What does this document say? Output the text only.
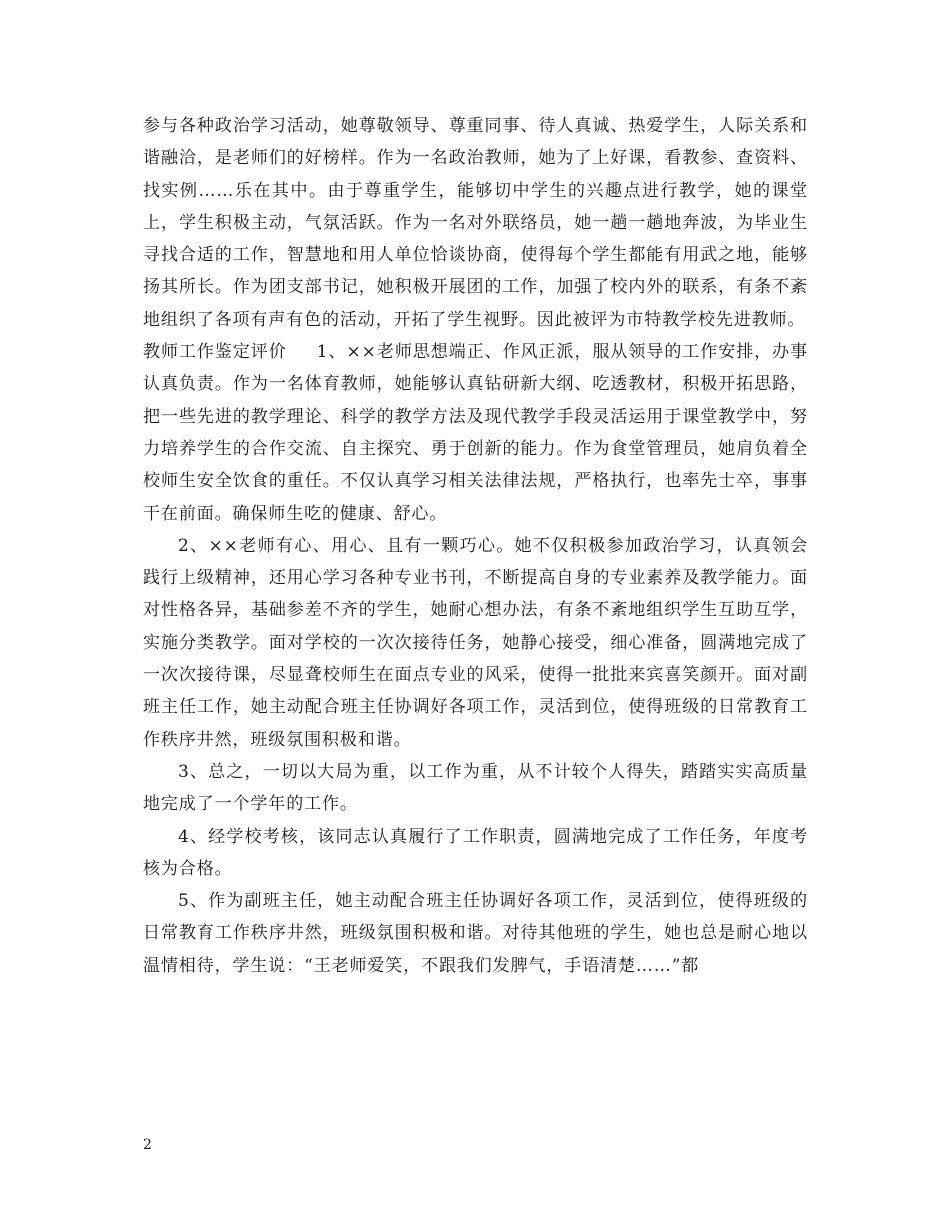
参与各种政治学习活动，她尊敬领导、尊重同事、待人真诚、热爱学生，人际关系和谐融洽，是老师们的好榜样。作为一名政治教师，她为了上好课，看教参、查资料、找实例……乐在其中。由于尊重学生，能够切中学生的兴趣点进行教学，她的课堂上，学生积极主动，气氛活跃。作为一名对外联络员，她一趟一趟地奔波，为毕业生寻找合适的工作，智慧地和用人单位恰谈协商，使得每个学生都能有用武之地，能够扬其所长。作为团支部书记，她积极开展团的工作，加强了校内外的联系，有条不紊地组织了各项有声有色的活动，开拓了学生视野。因此被评为市特教学校先进教师。

教师工作鉴定评价 1、××老师思想端正、作风正派，服从领导的工作安排，办事认真负责。作为一名体育教师，她能够认真钻研新大纲、吃透教材，积极开拓思路，把一些先进的教学理论、科学的教学方法及现代教学手段灵活运用于课堂教学中，努力培养学生的合作交流、自主探究、勇于创新的能力。作为食堂管理员，她肩负着全校师生安全饮食的重任。不仅认真学习相关法律法规，严格执行，也率先士卒，事事干在前面。确保师生吃的健康、舒心。

2、××老师有心、用心、且有一颗巧心。她不仅积极参加政治学习，认真领会践行上级精神，还用心学习各种专业书刊，不断提高自身的专业素养及教学能力。面对性格各异，基础参差不齐的学生，她耐心想办法，有条不紊地组织学生互助互学，实施分类教学。面对学校的一次次接待任务，她静心接受，细心准备，圆满地完成了一次次接待课，尽显聋校师生在面点专业的风采，使得一批批来宾喜笑颜开。面对副班主任工作，她主动配合班主任协调好各项工作，灵活到位，使得班级的日常教育工作秩序井然，班级氛围积极和谐。

3、总之，一切以大局为重，以工作为重，从不计较个人得失，踏踏实实高质量地完成了一个学年的工作。

4、经学校考核，该同志认真履行了工作职责，圆满地完成了工作任务，年度考核为合格。

5、作为副班主任，她主动配合班主任协调好各项工作，灵活到位，使得班级的日常教育工作秩序井然，班级氛围积极和谐。对待其他班的学生，她也总是耐心地以温情相待，学生说：“王老师爱笑，不跟我们发脾气，手语清楚……”都

2
